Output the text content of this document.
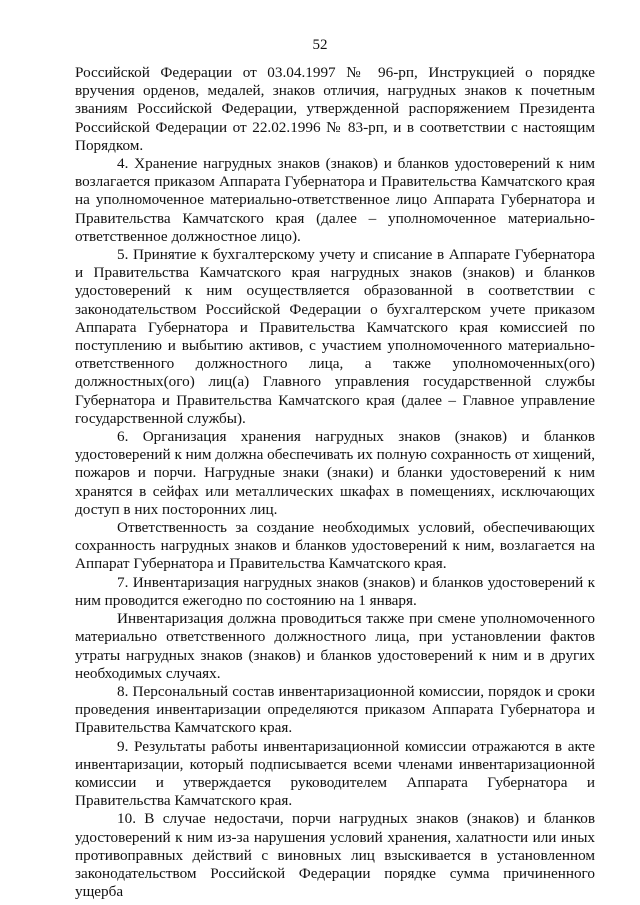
52

Российской Федерации от 03.04.1997 № 96-рп, Инструкцией о порядке вручения орденов, медалей, знаков отличия, нагрудных знаков к почетным званиям Российской Федерации, утвержденной распоряжением Президента Российской Федерации от 22.02.1996 № 83-рп, и в соответствии с настоящим Порядком.

4. Хранение нагрудных знаков (знаков) и бланков удостоверений к ним возлагается приказом Аппарата Губернатора и Правительства Камчатского края на уполномоченное материально-ответственное лицо Аппарата Губернатора и Правительства Камчатского края (далее – уполномоченное материально-ответственное должностное лицо).

5. Принятие к бухгалтерскому учету и списание в Аппарате Губернатора и Правительства Камчатского края нагрудных знаков (знаков) и бланков удостоверений к ним осуществляется образованной в соответствии с законодательством Российской Федерации о бухгалтерском учете приказом Аппарата Губернатора и Правительства Камчатского края комиссией по поступлению и выбытию активов, с участием уполномоченного материально-ответственного должностного лица, а также уполномоченных(ого) должностных(ого) лиц(а) Главного управления государственной службы Губернатора и Правительства Камчатского края (далее – Главное управление государственной службы).

6. Организация хранения нагрудных знаков (знаков) и бланков удостоверений к ним должна обеспечивать их полную сохранность от хищений, пожаров и порчи. Нагрудные знаки (знаки) и бланки удостоверений к ним хранятся в сейфах или металлических шкафах в помещениях, исключающих доступ в них посторонних лиц.

Ответственность за создание необходимых условий, обеспечивающих сохранность нагрудных знаков и бланков удостоверений к ним, возлагается на Аппарат Губернатора и Правительства Камчатского края.

7. Инвентаризация нагрудных знаков (знаков) и бланков удостоверений к ним проводится ежегодно по состоянию на 1 января.

Инвентаризация должна проводиться также при смене уполномоченного материально ответственного должностного лица, при установлении фактов утраты нагрудных знаков (знаков) и бланков удостоверений к ним и в других необходимых случаях.

8. Персональный состав инвентаризационной комиссии, порядок и сроки проведения инвентаризации определяются приказом Аппарата Губернатора и Правительства Камчатского края.

9. Результаты работы инвентаризационной комиссии отражаются в акте инвентаризации, который подписывается всеми членами инвентаризационной комиссии и утверждается руководителем Аппарата Губернатора и Правительства Камчатского края.

10. В случае недостачи, порчи нагрудных знаков (знаков) и бланков удостоверений к ним из-за нарушения условий хранения, халатности или иных противоправных действий с виновных лиц взыскивается в установленном законодательством Российской Федерации порядке сумма причиненного ущерба
